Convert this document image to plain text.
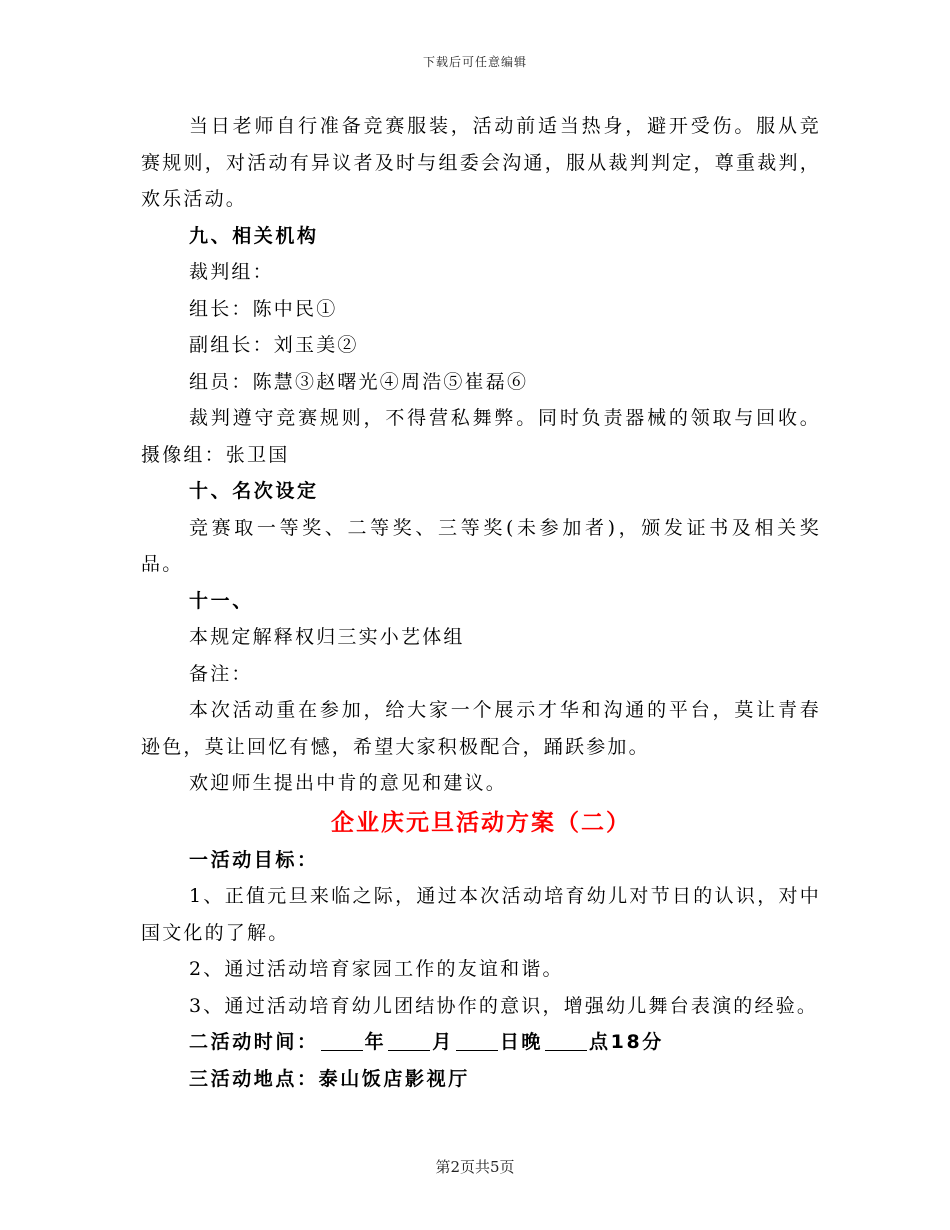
下载后可任意编辑

当日老师自行准备竞赛服装，活动前适当热身，避开受伤。服从竞赛规则，对活动有异议者及时与组委会沟通，服从裁判判定，尊重裁判，欢乐活动。

九、相关机构

裁判组：

组长：陈中民①

副组长：刘玉美②

组员：陈慧③赵曙光④周浩⑤崔磊⑥

裁判遵守竞赛规则，不得营私舞弊。同时负责器械的领取与回收。摄像组：张卫国

十、名次设定

竞赛取一等奖、二等奖、三等奖(未参加者)，颁发证书及相关奖品。

十一、

本规定解释权归三实小艺体组

备注：

本次活动重在参加，给大家一个展示才华和沟通的平台，莫让青春逊色，莫让回忆有憾，希望大家积极配合，踊跃参加。

欢迎师生提出中肯的意见和建议。

企业庆元旦活动方案（二）

一活动目标：

1、正值元旦来临之际，通过本次活动培育幼儿对节日的认识，对中国文化的了解。

2、通过活动培育家园工作的友谊和谐。

3、通过活动培育幼儿团结协作的意识，增强幼儿舞台表演的经验。

二活动时间： 年 月 日晚 点18分

三活动地点：泰山饭店影视厅

第2页共5页
